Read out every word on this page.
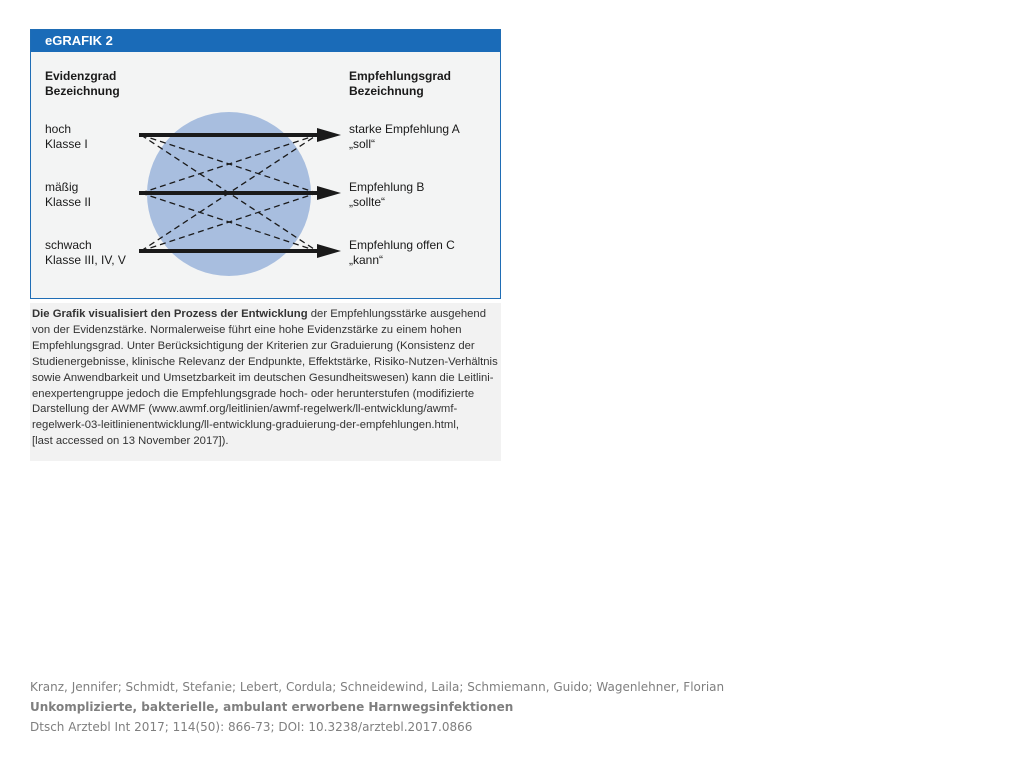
eGRAFIK 2
Evidenzgrad
Bezeichnung
Empfehlungsgrad
Bezeichnung
hoch
Klasse I
mäßig
Klasse II
schwach
Klasse III, IV, V
starke Empfehlung A
„soll“
Empfehlung B
„sollte“
Empfehlung offen C
„kann“
Die Grafik visualisiert den Prozess der Entwicklung der Empfehlungsstärke ausgehend
von der Evidenzstärke. Normalerweise führt eine hohe Evidenzstärke zu einem hohen
Empfehlungsgrad. Unter Berücksichtigung der Kriterien zur Graduierung (Konsistenz der
Studienergebnisse, klinische Relevanz der Endpunkte, Effektstärke, Risiko-Nutzen-Verhältnis
sowie Anwendbarkeit und Umsetzbarkeit im deutschen Gesundheitswesen) kann die Leitlini-
enexpertengruppe jedoch die Empfehlungsgrade hoch- oder herunterstufen (modifizierte
Darstellung der AWMF (www.awmf.org/leitlinien/awmf-regelwerk/ll-entwicklung/awmf-
regelwerk-03-leitlinienentwicklung/ll-entwicklung-graduierung-der-empfehlungen.html,
[last accessed on 13 November 2017]).
Kranz, Jennifer; Schmidt, Stefanie; Lebert, Cordula; Schneidewind, Laila; Schmiemann, Guido; Wagenlehner, Florian
Unkomplizierte, bakterielle, ambulant erworbene Harnwegsinfektionen
Dtsch Arztebl Int 2017; 114(50): 866-73; DOI: 10.3238/arztebl.2017.0866
